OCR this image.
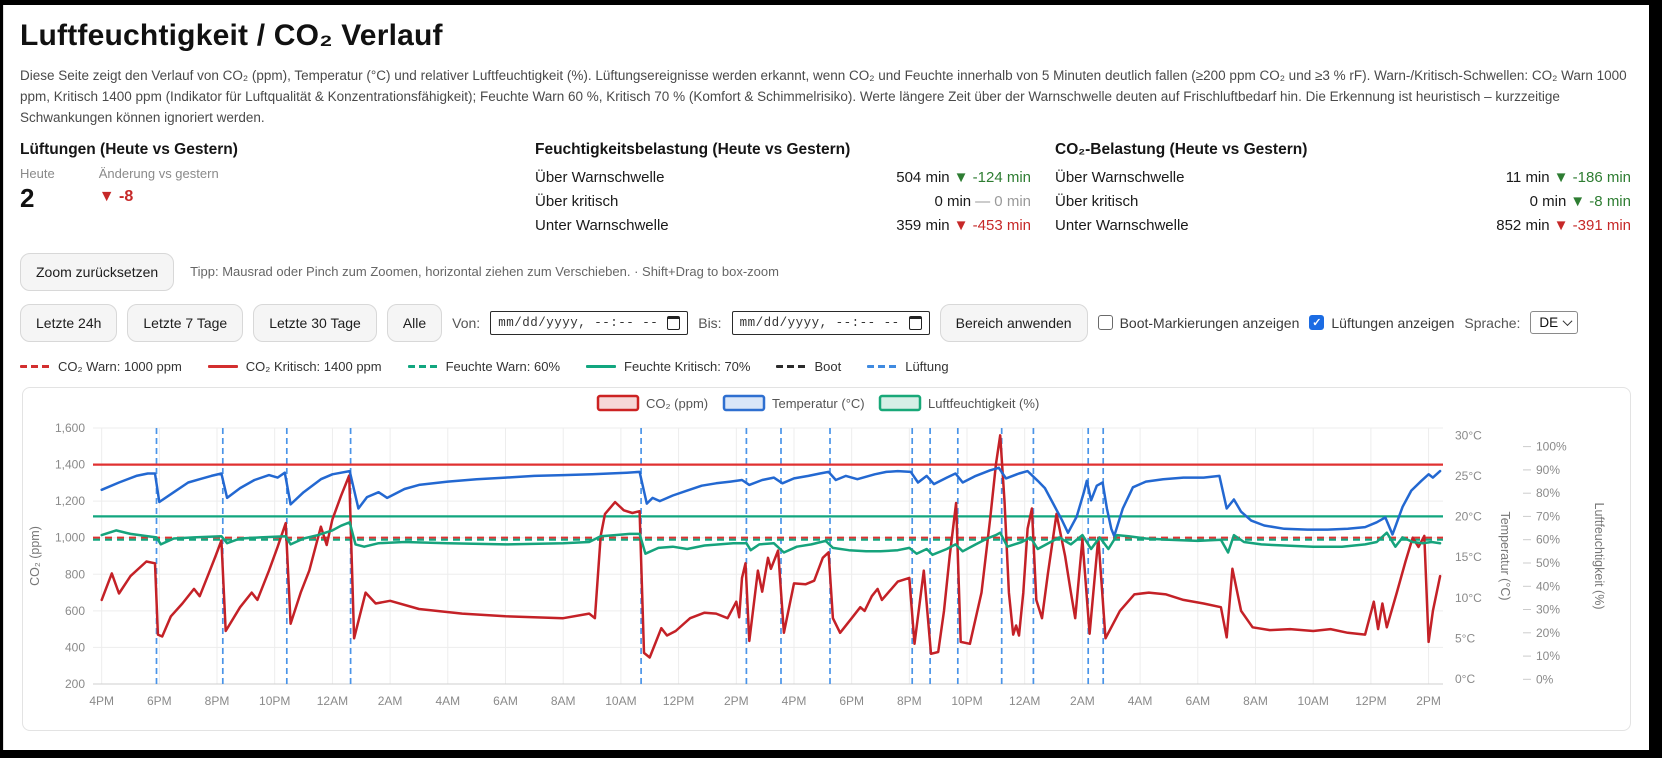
Luftfeuchtigkeit / CO₂ Verlauf

Diese Seite zeigt den Verlauf von CO₂ (ppm), Temperatur (°C) und relativer Luftfeuchtigkeit (%). Lüftungsereignisse werden erkannt, wenn CO₂ und Feuchte innerhalb von 5 Minuten deutlich fallen (≥200 ppm CO₂ und ≥3 % rF). Warn-/Kritisch-Schwellen: CO₂ Warn 1000 ppm, Kritisch 1400 ppm (Indikator für Luftqualität & Konzentrationsfähigkeit); Feuchte Warn 60 %, Kritisch 70 % (Komfort & Schimmelrisiko). Werte längere Zeit über der Warnschwelle deuten auf Frischluftbedarf hin. Die Erkennung ist heuristisch – kurzzeitige Schwankungen können ignoriert werden.

Lüftungen (Heute vs Gestern)
Heute
2
Änderung vs gestern
▼ -8
Feuchtigkeitsbelastung (Heute vs Gestern)
Über Warnschwelle	504 min ▼ -124 min
Über kritisch	0 min — 0 min
Unter Warnschwelle	359 min ▼ -453 min
CO₂-Belastung (Heute vs Gestern)
Über Warnschwelle	11 min ▼ -186 min
Über kritisch	0 min ▼ -8 min
Unter Warnschwelle	852 min ▼ -391 min
Zoom zurücksetzen	Tipp: Mausrad oder Pinch zum Zoomen, horizontal ziehen zum Verschieben. · Shift+Drag to box-zoom
Letzte 24h	Letzte 7 Tage	Letzte 30 Tage	Alle	Von: mm/dd/yyyy, --:-- --	Bis: mm/dd/yyyy, --:-- --	Bereich anwenden	Boot-Markierungen anzeigen ✓ Lüftungen anzeigen Sprache: DE
CO₂ Warn: 1000 ppm	CO₂ Kritisch: 1400 ppm	Feuchte Warn: 60%	Feuchte Kritisch: 70%	Boot	Lüftung
4PM	6PM	8PM 10PM 12AM 2AM	4AM	6AM	8AM 10AM 12PM 2PM	4PM	6PM	8PM 10PM 12AM 2AM	4AM	6AM	8AM 10AM 12PM 2PM
1,600
1,400
1,200
1,000
800
600
400
200
30°C
25°C
20°C
15°C
10°C
5°C
0°C
100%
90%
80%
70%
60%
50%
40%
30%
20%
10%
0%
CO₂ (ppm)	Temperatur (°C)	Luftfeuchtigkeit (%)
CO₂ (ppm)	Temperatur (°C)	Luftfeuchtigkeit (%)
